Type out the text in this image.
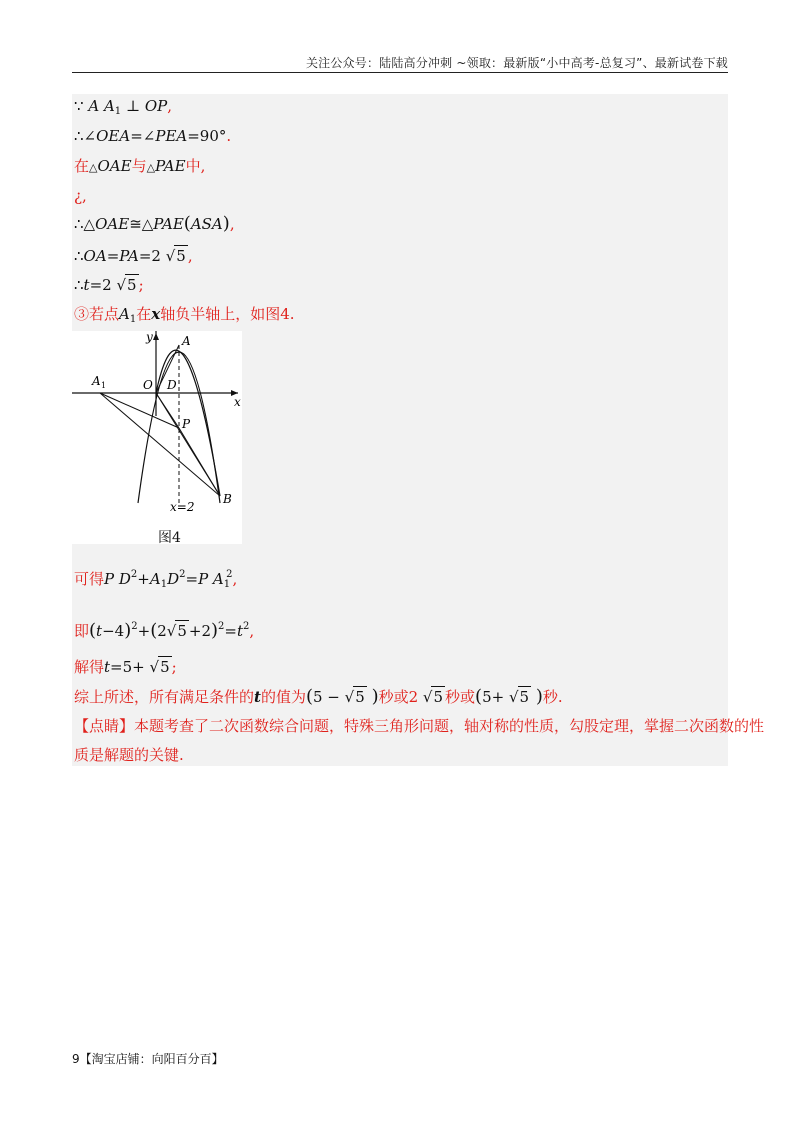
关注公众号：陆陆高分冲刺 ~领取：最新版“小中高考-总复习”、最新试卷下载
∵ A $A_1$ ⊥ OP,
∴∠OEA=∠PEA=90°.
在△OAE与△PAE中,
¿,
∴△OAE≅△PAE(ASA),
∴OA=PA=2 √5 ,
∴t=2 √5 ;
③若点$A_1$在x轴负半轴上，如图4.
y
x
A
A 1	O D
P
B
x=2
图4
可得P $D^2+A_1D^2=P$ $A_1^2$,
即$(t-4)^2+(2√5 +2)^2=t^2$,
解得t=5+ √5 ;
综上所述，所有满足条件的t的值为(5 − √5 )秒或2 √5 秒或(5+ √5 )秒.
【点睛】本题考查了二次函数综合问题，特殊三角形问题，轴对称的性质，勾股定理，掌握二次函数的性
质是解题的关键.
9【淘宝店铺：向阳百分百】
